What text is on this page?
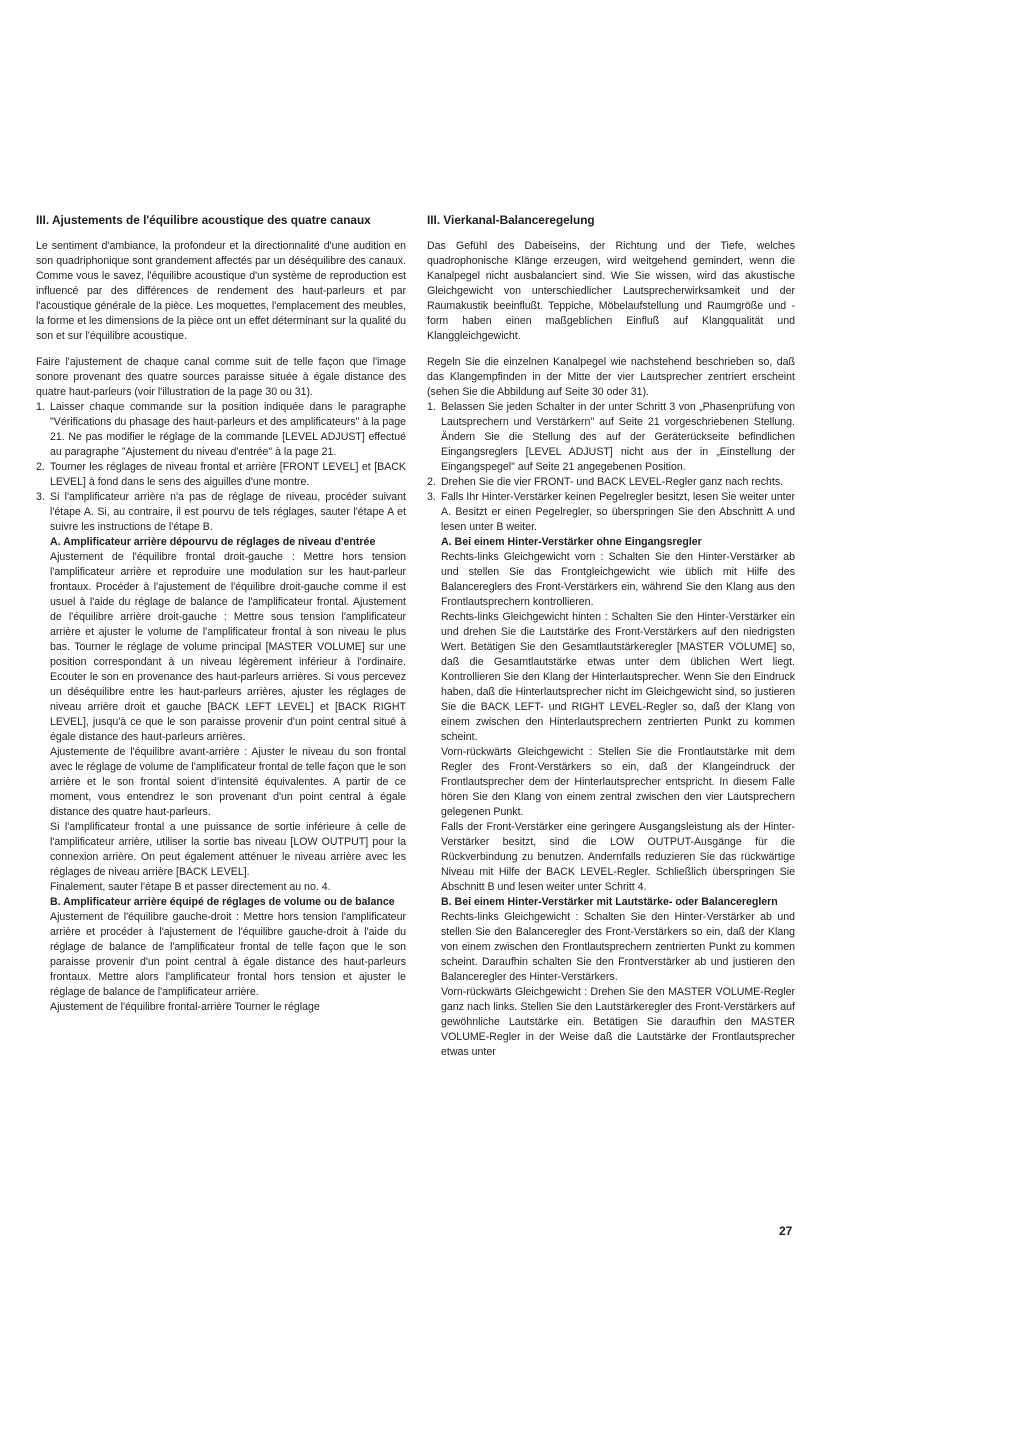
III. Ajustements de l'équilibre acoustique des quatre canaux

Le sentiment d'ambiance, la profondeur et la directionnalité d'une audition en son quadriphonique sont grandement affectés par un déséquilibre des canaux. Comme vous le savez, l'équilibre acoustique d'un système de reproduction est influencé par des différences de rendement des haut-parleurs et par l'acoustique générale de la pièce. Les moquettes, l'emplacement des meubles, la forme et les dimensions de la pièce ont un effet déterminant sur la qualité du son et sur l'équilibre acoustique.

Faire l'ajustement de chaque canal comme suit de telle façon que l'image sonore provenant des quatre sources paraisse située à égale distance des quatre haut-parleurs (voir l'illustration de la page 30 ou 31).

1. Laisser chaque commande sur la position indiquée dans le paragraphe "Vérifications du phasage des haut-parleurs et des amplificateurs" à la page 21. Ne pas modifier le réglage de la commande [LEVEL ADJUST] effectué au paragraphe "Ajustement du niveau d'entrée" à la page 21.
2. Tourner les réglages de niveau frontal et arrière [FRONT LEVEL] et [BACK LEVEL] à fond dans le sens des aiguilles d'une montre.
3. Si l'amplificateur arrière n'a pas de réglage de niveau, procéder suivant l'étape A. Si, au contraire, il est pourvu de tels réglages, sauter l'étape A et suivre les instructions de l'étape B.

A. Amplificateur arrière dépourvu de réglages de niveau d'entrée

Ajustement de l'équilibre frontal droit-gauche : Mettre hors tension l'amplificateur arrière et reproduire une modulation sur les haut-parleur frontaux. Procéder à l'ajustement de l'équilibre droit-gauche comme il est usuel à l'aide du réglage de balance de l'amplificateur frontal. Ajustement de l'équilibre arrière droit-gauche : Mettre sous tension l'amplificateur arrière et ajuster le volume de l'amplificateur frontal à son niveau le plus bas. Tourner le réglage de volume principal [MASTER VOLUME] sur une position correspondant à un niveau légèrement inférieur à l'ordinaire. Ecouter le son en provenance des haut-parleurs arrières. Si vous percevez un déséquilibre entre les haut-parleurs arrières, ajuster les réglages de niveau arrière droit et gauche [BACK LEFT LEVEL] et [BACK RIGHT LEVEL], jusqu'à ce que le son paraisse provenir d'un point central situé à égale distance des haut-parleurs arrières.

Ajustemente de l'équilibre avant-arrière : Ajuster le niveau du son frontal avec le réglage de volume de l'amplificateur frontal de telle façon que le son arrière et le son frontal soient d'intensité équivalentes. A partir de ce moment, vous entendrez le son provenant d'un point central à égale distance des quatre haut-parleurs.

Si l'amplificateur frontal a une puissance de sortie inférieure à celle de l'amplificateur arrière, utiliser la sortie bas niveau [LOW OUTPUT] pour la connexion arrière. On peut également atténuer le niveau arrière avec les réglages de niveau arrière [BACK LEVEL].

Finalement, sauter l'étape B et passer directement au no. 4.

B. Amplificateur arrière équipé de réglages de volume ou de balance

Ajustement de l'équilibre gauche-droit : Mettre hors tension l'amplificateur arrière et procéder à l'ajustement de l'équilibre gauche-droit à l'aide du réglage de balance de l'amplificateur frontal de telle façon que le son paraisse provenir d'un point central à égale distance des haut-parleurs frontaux. Mettre alors l'amplificateur frontal hors tension et ajuster le réglage de balance de l'amplificateur arrière.

Ajustement de l'équilibre frontal-arrière Tourner le réglage

III. Vierkanal-Balanceregelung

Das Gefühl des Dabeiseins, der Richtung und der Tiefe, welches quadrophonische Klänge erzeugen, wird weitgehend gemindert, wenn die Kanalpegel nicht ausbalanciert sind. Wie Sie wissen, wird das akustische Gleichgewicht von unterschiedlicher Lautsprecherwirksamkeit und der Raumakustik beeinflußt. Teppiche, Möbelaufstellung und Raumgröße und -form haben einen maßgeblichen Einfluß auf Klangqualität und Klanggleichgewicht.

Regeln Sie die einzelnen Kanalpegel wie nachstehend beschrieben so, daß das Klangempfinden in der Mitte der vier Lautsprecher zentriert erscheint (sehen Sie die Abbildung auf Seite 30 oder 31).

1. Belassen Sie jeden Schalter in der unter Schritt 3 von „Phasenprüfung von Lautsprechern und Verstärkern" auf Seite 21 vorgeschriebenen Stellung. Ändern Sie die Stellung des auf der Geräterückseite befindlichen Eingangsreglers [LEVEL ADJUST] nicht aus der in „Einstellung der Eingangspegel" auf Seite 21 angegebenen Position.
2. Drehen Sie die vier FRONT- und BACK LEVEL-Regler ganz nach rechts.
3. Falls Ihr Hinter-Verstärker keinen Pegelregler besitzt, lesen Sie weiter unter A. Besitzt er einen Pegelregler, so überspringen Sie den Abschnitt A und lesen unter B weiter.

A. Bei einem Hinter-Verstärker ohne Eingangsregler

Rechts-links Gleichgewicht vorn : Schalten Sie den Hinter-Verstärker ab und stellen Sie das Frontgleichgewicht wie üblich mit Hilfe des Balancereglers des Front-Verstärkers ein, während Sie den Klang aus den Frontlautsprechern kontrollieren.

Rechts-links Gleichgewicht hinten : Schalten Sie den Hinter-Verstärker ein und drehen Sie die Lautstärke des Front-Verstärkers auf den niedrigsten Wert. Betätigen Sie den Gesamtlautstärkeregler [MASTER VOLUME] so, daß die Gesamtlautstärke etwas unter dem üblichen Wert liegt. Kontrollieren Sie den Klang der Hinterlautsprecher. Wenn Sie den Eindruck haben, daß die Hinterlautsprecher nicht im Gleichgewicht sind, so justieren Sie die BACK LEFT- und RIGHT LEVEL-Regler so, daß der Klang von einem zwischen den Hinterlautsprechern zentrierten Punkt zu kommen scheint.

Vorn-rückwärts Gleichgewicht : Stellen Sie die Frontlautstärke mit dem Regler des Front-Verstärkers so ein, daß der Klangeindruck der Frontlautsprecher dem der Hinterlautsprecher entspricht. In diesem Falle hören Sie den Klang von einem zentral zwischen den vier Lautsprechern gelegenen Punkt.

Falls der Front-Verstärker eine geringere Ausgangsleistung als der Hinter-Verstärker besitzt, sind die LOW OUTPUT-Ausgänge für die Rückverbindung zu benutzen. Andernfalls reduzieren Sie das rückwärtige Niveau mit Hilfe der BACK LEVEL-Regler. Schließlich überspringen Sie Abschnitt B und lesen weiter unter Schritt 4.

B. Bei einem Hinter-Verstärker mit Lautstärke- oder Balancereglern

Rechts-links Gleichgewicht : Schalten Sie den Hinter-Verstärker ab und stellen Sie den Balanceregler des Front-Verstärkers so ein, daß der Klang von einem zwischen den Frontlautsprechern zentrierten Punkt zu kommen scheint. Daraufhin schalten Sie den Frontverstärker ab und justieren den Balanceregler des Hinter-Verstärkers.

Vorn-rückwärts Gleichgewicht : Drehen Sie den MASTER VOLUME-Regler ganz nach links. Stellen Sie den Lautstärkeregler des Front-Verstärkers auf gewöhnliche Lautstärke ein. Betätigen Sie daraufhin den MASTER VOLUME-Regler in der Weise daß die Lautstärke der Frontlautsprecher etwas unter

27
